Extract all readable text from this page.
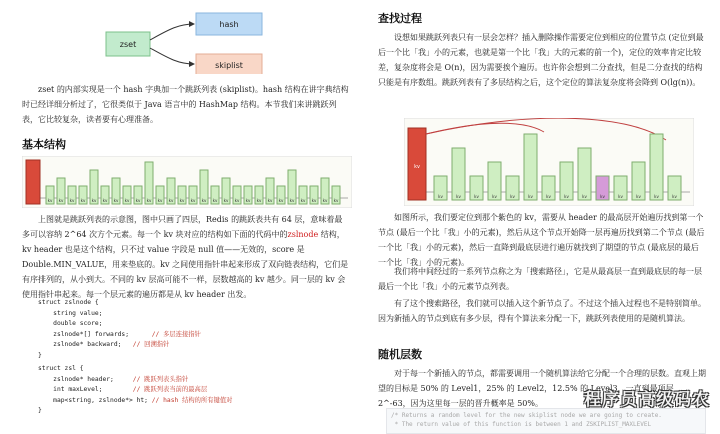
zset
hash
skiplist

zset 的内部实现是一个 hash 字典加一个跳跃列表 (skiplist)。hash 结构在讲字典结构时已经详细分析过了，它很类似于 Java 语言中的 HashMap 结构。本节我们来讲跳跃列表，它比较复杂，读者要有心理准备。

基本结构
kv kv kv kv kv kv kv kv kv kv kv kv kv kv kv kv kv kv kv kv kv kv kv kv kv kv kv

上图就是跳跃列表的示意图，图中只画了四层，Redis 的跳跃表共有 64 层，意味着最多可以容纳 2^64 次方个元素。每一个 kv 块对应的结构如下面的代码中的zslnode 结构，kv header 也是这个结构，只不过 value 字段是 null 值——无效的，score 是 Double.MIN_VALUE，用来垫底的。kv 之间使用指针串起来形成了双向链表结构，它们是有序排列的，从小到大。不同的 kv 层高可能不一样，层数越高的 kv 越少。同一层的 kv 会使用指针串起来。每一个层元素的遍历都是从 kv header 出发。

struct zslnode {
string value;
double score;
zslnode*[] forwards;	// 多层连接指针
zslnode* backward; // 回溯指针
}
struct zsl {
zslnode* header;	// 跳跃列表头指针
int maxLevel;	// 跳跃列表当前的最高层
map<string, zslnode*> ht; // hash 结构的所有键值对
}
查找过程

设想如果跳跃列表只有一层会怎样？插入删除操作需要定位到相应的位置节点 (定位到最后一个比「我」小的元素，也就是第一个比「我」大的元素的前一个)，定位的效率肯定比较差，复杂度将会是 O(n)，因为需要挨个遍历。也许你会想到二分查找，但是二分查找的结构只能是有序数组。跳跃列表有了多层结构之后，这个定位的算法复杂度将会降到 O(lg(n))。

kv
kv	kv	kv	kv	kv	kv	kv	kv	kv	kv	kv	kv	kv	kv

如图所示，我们要定位到那个紫色的 kv，需要从 header 的最高层开始遍历找到第一个节点 (最后一个比「我」小的元素)，然后从这个节点开始降一层再遍历找到第二个节点 (最后一个比「我」小的元素)，然后一直降到最底层进行遍历就找到了期望的节点 (最底层的最后一个比「我」小的元素)。

我们将中间经过的一系列节点称之为「搜索路径」，它是从最高层一直到最底层的每一层最后一个比「我」小的元素节点列表。

有了这个搜索路径，我们就可以插入这个新节点了。不过这个插入过程也不是特别简单。因为新插入的节点到底有多少层，得有个算法来分配一下，跳跃列表使用的是随机算法。

随机层数

对于每一个新插入的节点，都需要调用一个随机算法给它分配一个合理的层数。直观上期望的目标是 50% 的 Level1，25% 的 Level2，12.5% 的 Level3，一直到最顶层 2^-63，因为这里每一层的晋升概率是 50%。

/* Returns a random level for the new skiplist node we are going to create.
* The return value of this function is between 1 and ZSKIPLIST_MAXLEVEL
程序员高级码农
